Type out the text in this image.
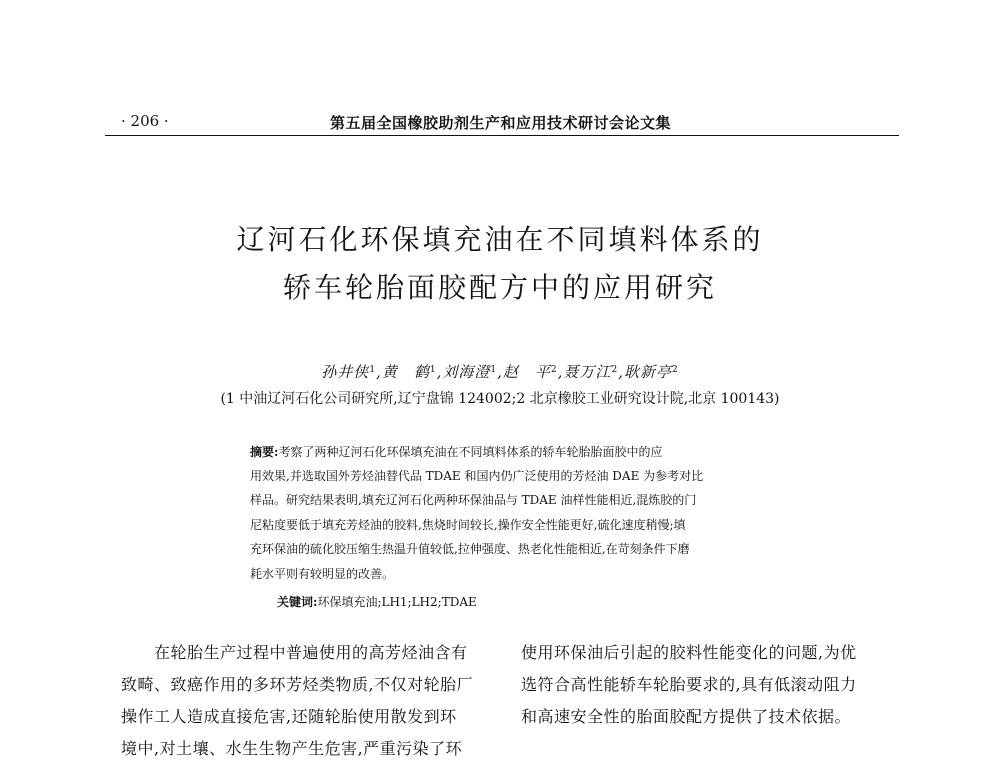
· 206 ·	第五届全国橡胶助剂生产和应用技术研讨会论文集
辽河石化环保填充油在不同填料体系的
轿车轮胎面胶配方中的应用研究
孙井侠$^1$,黄　鹤$^1$,刘海澄$^1$,赵　平$^2$,聂万江$^2$,耿新亭$^2$
(1 中油辽河石化公司研究所,辽宁盘锦 124002;2 北京橡胶工业研究设计院,北京 100143)
摘要:考察了两种辽河石化环保填充油在不同填料体系的轿车轮胎胎面胶中的应
用效果,并选取国外芳烃油替代品 TDAE 和国内仍广泛使用的芳烃油 DAE 为参考对比
样品。研究结果表明,填充辽河石化两种环保油品与 TDAE 油样性能相近,混炼胶的门
尼粘度要低于填充芳烃油的胶料,焦烧时间较长,操作安全性能更好,硫化速度稍慢;填
充环保油的硫化胶压缩生热温升值较低,拉伸强度、热老化性能相近,在苛刻条件下磨
耗水平则有较明显的改善。
关键词:环保填充油;LH1;LH2;TDAE
　　在轮胎生产过程中普遍使用的高芳烃油含有
致畸、致癌作用的多环芳烃类物质,不仅对轮胎厂
操作工人造成直接危害,还随轮胎使用散发到环
境中,对土壤、水生生物产生危害,严重污染了环
使用环保油后引起的胶料性能变化的问题,为优
选符合高性能轿车轮胎要求的,具有低滚动阻力
和高速安全性的胎面胶配方提供了技术依据。
